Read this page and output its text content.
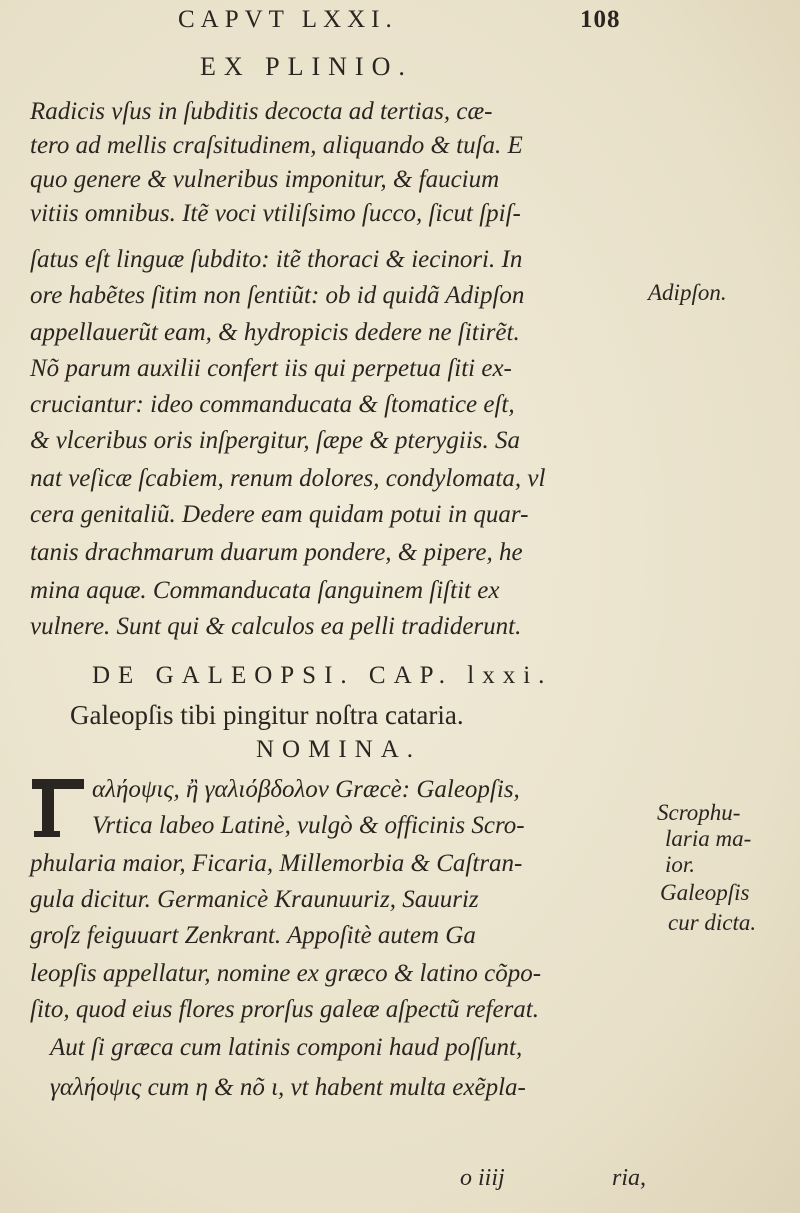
CAPVT LXXI.	108
EX PLINIO.
Radicis vſus in ſubditis decocta ad tertias, cæ-
tero ad mellis craſsitudinem, aliquando & tuſa. E
quo genere & vulneribus imponitur, & faucium
vitiis omnibus. Itẽ voci vtiliſsimo ſucco, ſicut ſpiſ-
ſatus eſt linguæ ſubdito: itẽ thoraci & iecinori. In
ore habẽtes ſitim non ſentiũt: ob id quidã Adipſon
appellauerũt eam, & hydropicis dedere ne ſitirẽt.
Nõ parum auxilii confert iis qui perpetua ſiti ex-
cruciantur: ideo commanducata & ſtomatice eſt,
& vlceribus oris inſpergitur, ſæpe & pterygiis. Sa
nat veſicæ ſcabiem, renum dolores, condylomata, vl
cera genitaliũ. Dedere eam quidam potui in quar-
tanis drachmarum duarum pondere, & pipere, he
mina aquæ. Commanducata ſanguinem ſiſtit ex
vulnere. Sunt qui & calculos ea pelli tradiderunt.
Adipſon.
DE GALEOPSI. CAP. lxxi.
Galeopſis tibi pingitur noſtra cataria.
NOMINA.
αλήοψις, ἢ γαλιόβδολον Græcè: Galeopſis,
Vrtica labeo Latinè, vulgò & officinis Scro-
phularia maior, Ficaria, Millemorbia & Caſtran-
gula dicitur. Germanicè Kraunuuriz, Sauuriz
groſz feiguuart Zenkrant. Appoſitè autem Ga
leopſis appellatur, nomine ex græco & latino cõpo-
ſito, quod eius flores prorſus galeæ aſpectũ referat.
Aut ſi græca cum latinis componi haud poſſunt,
γαλήοψις cum η & nõ ι, vt habent multa exẽpla-
Scrophu-
laria ma-
ior.
Galeopſis
cur dicta.
o iiij	ria,
